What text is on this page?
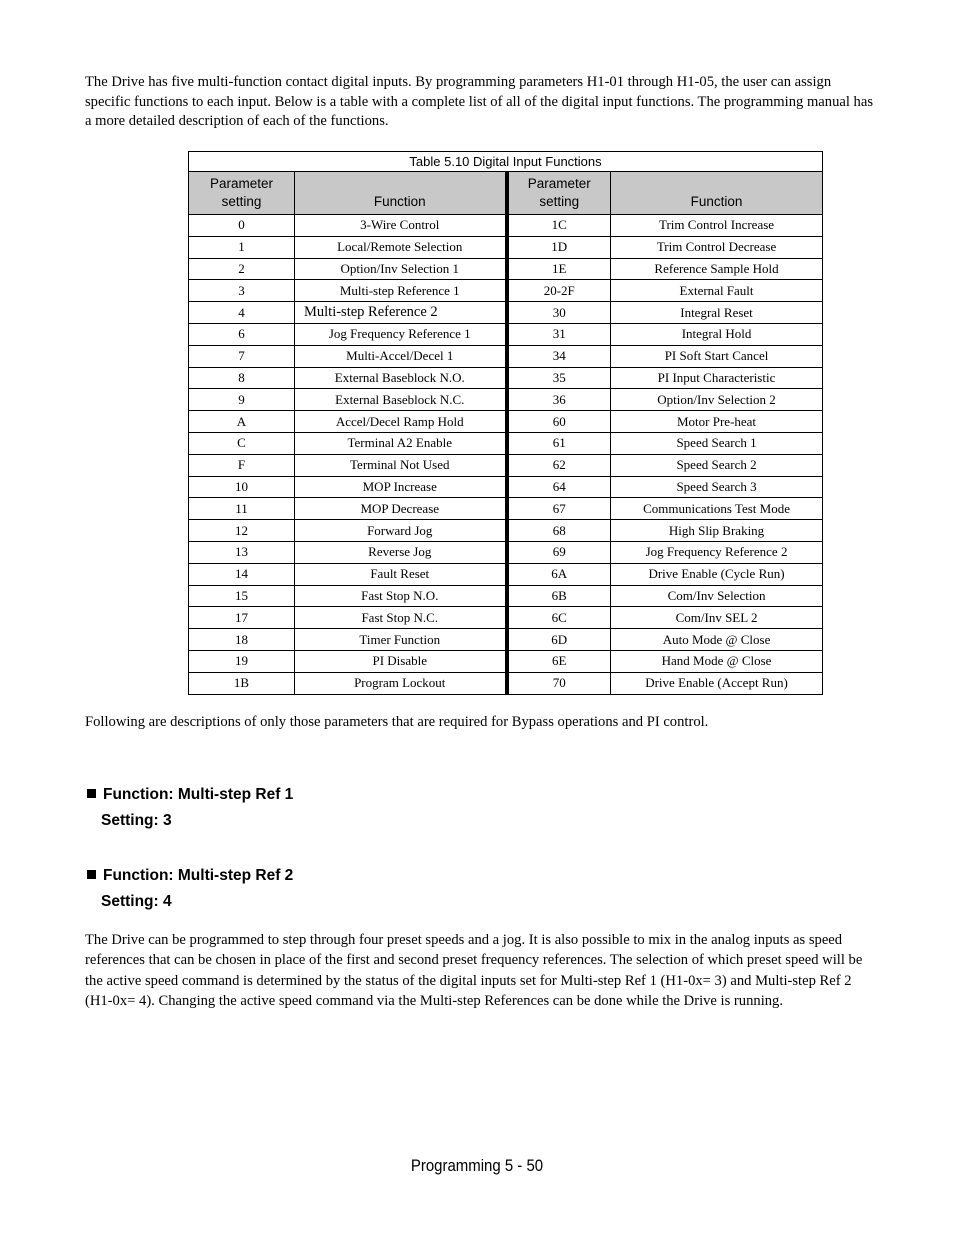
The Drive has five multi-function contact digital inputs. By programming parameters H1-01 through H1-05, the user can assign specific functions to each input. Below is a table with a complete list of all of the digital input functions. The programming manual has a more detailed description of each of the functions.

Table 5.10 Digital Input Functions			
Parameter setting	Function	Parameter setting	Function
0	3-Wire Control	1C	Trim Control Increase
1	Local/Remote Selection	1D	Trim Control Decrease
2	Option/Inv Selection 1	1E	Reference Sample Hold
3	Multi-step Reference 1	20-2F	External Fault
4	Multi-step Reference 2	30	Integral Reset
6	Jog Frequency Reference 1	31	Integral Hold
7	Multi-Accel/Decel 1	34	PI Soft Start Cancel
8	External Baseblock N.O.	35	PI Input Characteristic
9	External Baseblock N.C.	36	Option/Inv Selection 2
A	Accel/Decel Ramp Hold	60	Motor Pre-heat
C	Terminal A2 Enable	61	Speed Search 1
F	Terminal Not Used	62	Speed Search 2
10	MOP Increase	64	Speed Search 3
11	MOP Decrease	67	Communications Test Mode
12	Forward Jog	68	High Slip Braking
13	Reverse Jog	69	Jog Frequency Reference 2
14	Fault Reset	6A	Drive Enable (Cycle Run)
15	Fast Stop N.O.	6B	Com/Inv Selection
17	Fast Stop N.C.	6C	Com/Inv SEL 2
18	Timer Function	6D	Auto Mode @ Close
19	PI Disable	6E	Hand Mode @ Close
1B	Program Lockout	70	Drive Enable (Accept Run)

Following are descriptions of only those parameters that are required for Bypass operations and PI control.

Function: Multi-step Ref 1
Setting: 3
Function: Multi-step Ref 2
Setting: 4

The Drive can be programmed to step through four preset speeds and a jog. It is also possible to mix in the analog inputs as speed references that can be chosen in place of the first and second preset frequency references. The selection of which preset speed will be the active speed command is determined by the status of the digital inputs set for Multi-step Ref 1 (H1-0x= 3) and Multi-step Ref 2 (H1-0x= 4). Changing the active speed command via the Multi-step References can be done while the Drive is running.

Programming 5 - 50
